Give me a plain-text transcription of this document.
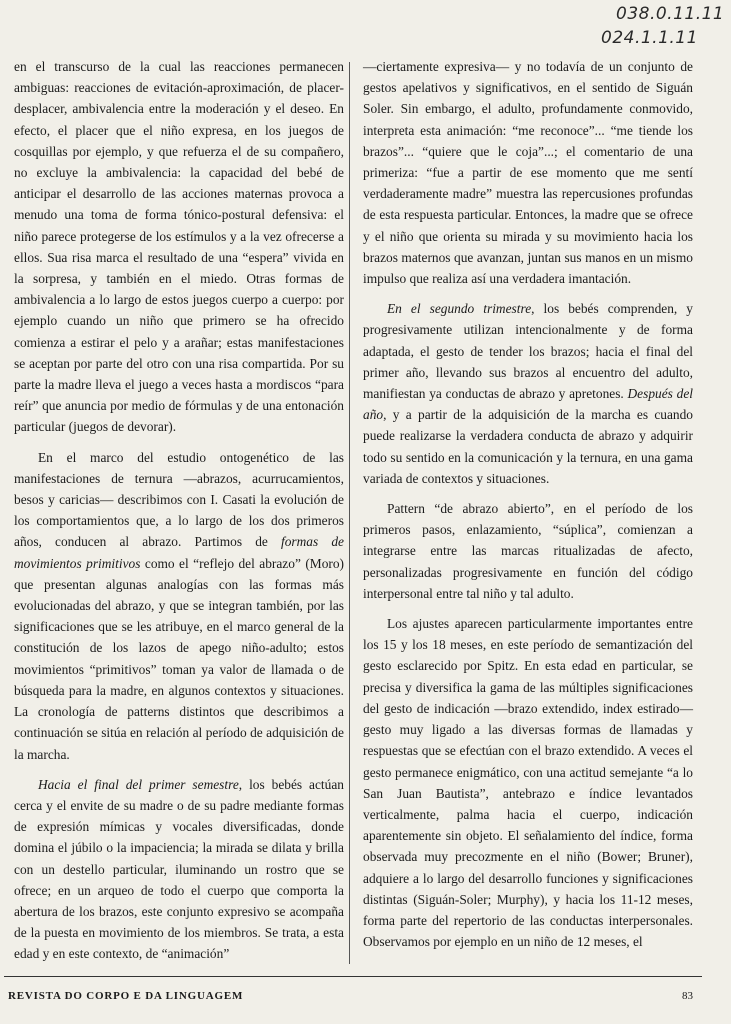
038.0.11.11
024.1.1.11

en el transcurso de la cual las reacciones permanecen ambiguas: reacciones de evitación-aproximación, de placer-desplacer, ambivalencia entre la moderación y el deseo. En efecto, el placer que el niño expresa, en los juegos de cosquillas por ejemplo, y que refuerza el de su compañero, no excluye la ambivalencia: la capacidad del bebé de anticipar el desarrollo de las acciones maternas provoca a menudo una toma de forma tónico-postural defensiva: el niño parece protegerse de los estímulos y a la vez ofrecerse a ellos. Sua risa marca el resultado de una “espera” vivida en la sorpresa, y también en el miedo. Otras formas de ambivalencia a lo largo de estos juegos cuerpo a cuerpo: por ejemplo cuando un niño que primero se ha ofrecido comienza a estirar el pelo y a arañar; estas manifestaciones se aceptan por parte del otro con una risa compartida. Por su parte la madre lleva el juego a veces hasta a mordiscos “para reír” que anuncia por medio de fórmulas y de una entonación particular (juegos de devorar).

En el marco del estudio ontogenético de las manifestaciones de ternura —abrazos, acurrucamientos, besos y caricias— describimos con I. Casati la evolución de los comportamientos que, a lo largo de los dos primeros años, conducen al abrazo. Partimos de formas de movimientos primitivos como el “reflejo del abrazo” (Moro) que presentan algunas analogías con las formas más evolucionadas del abrazo, y que se integran también, por las significaciones que se les atribuye, en el marco general de la constitución de los lazos de apego niño-adulto; estos movimientos “primitivos” toman ya valor de llamada o de búsqueda para la madre, en algunos contextos y situaciones. La cronología de patterns distintos que describimos a continuación se sitúa en relación al período de adquisición de la marcha.

Hacia el final del primer semestre, los bebés actúan cerca y el envite de su madre o de su padre mediante formas de expresión mímicas y vocales diversificadas, donde domina el júbilo o la impaciencia; la mirada se dilata y brilla con un destello particular, iluminando un rostro que se ofrece; en un arqueo de todo el cuerpo que comporta la abertura de los brazos, este conjunto expresivo se acompaña de la puesta en movimiento de los miembros. Se trata, a esta edad y en este contexto, de “animación”

—ciertamente expresiva— y no todavía de un conjunto de gestos apelativos y significativos, en el sentido de Siguán Soler. Sin embargo, el adulto, profundamente conmovido, interpreta esta animación: “me reconoce”... “me tiende los brazos”... “quiere que le coja”...; el comentario de una primeriza: “fue a partir de ese momento que me sentí verdaderamente madre” muestra las repercusiones profundas de esta respuesta particular. Entonces, la madre que se ofrece y el niño que orienta su mirada y su movimiento hacia los brazos maternos que avanzan, juntan sus manos en un mismo impulso que realiza así una verdadera imantación.

En el segundo trimestre, los bebés comprenden, y progresivamente utilizan intencionalmente y de forma adaptada, el gesto de tender los brazos; hacia el final del primer año, llevando sus brazos al encuentro del adulto, manifiestan ya conductas de abrazo y apretones. Después del año, y a partir de la adquisición de la marcha es cuando puede realizarse la verdadera conducta de abrazo y adquirir todo su sentido en la comunicación y la ternura, en una gama variada de contextos y situaciones.

Pattern “de abrazo abierto”, en el período de los primeros pasos, enlazamiento, “súplica”, comienzan a integrarse entre las marcas ritualizadas de afecto, personalizadas progresivamente en función del código interpersonal entre tal niño y tal adulto.

Los ajustes aparecen particularmente importantes entre los 15 y los 18 meses, en este período de semantización del gesto esclarecido por Spitz. En esta edad en particular, se precisa y diversifica la gama de las múltiples significaciones del gesto de indicación —brazo extendido, index estirado— gesto muy ligado a las diversas formas de llamadas y respuestas que se efectúan con el brazo extendido. A veces el gesto permanece enigmático, con una actitud semejante “a lo San Juan Bautista”, antebrazo e índice levantados verticalmente, palma hacia el cuerpo, indicación aparentemente sin objeto. El señalamiento del índice, forma observada muy precozmente en el niño (Bower; Bruner), adquiere a lo largo del desarrollo funciones y significaciones distintas (Siguán-Soler; Murphy), y hacia los 11-12 meses, forma parte del repertorio de las conductas interpersonales. Observamos por ejemplo en un niño de 12 meses, el

REVISTA DO CORPO E DA LINGUAGEM	83
